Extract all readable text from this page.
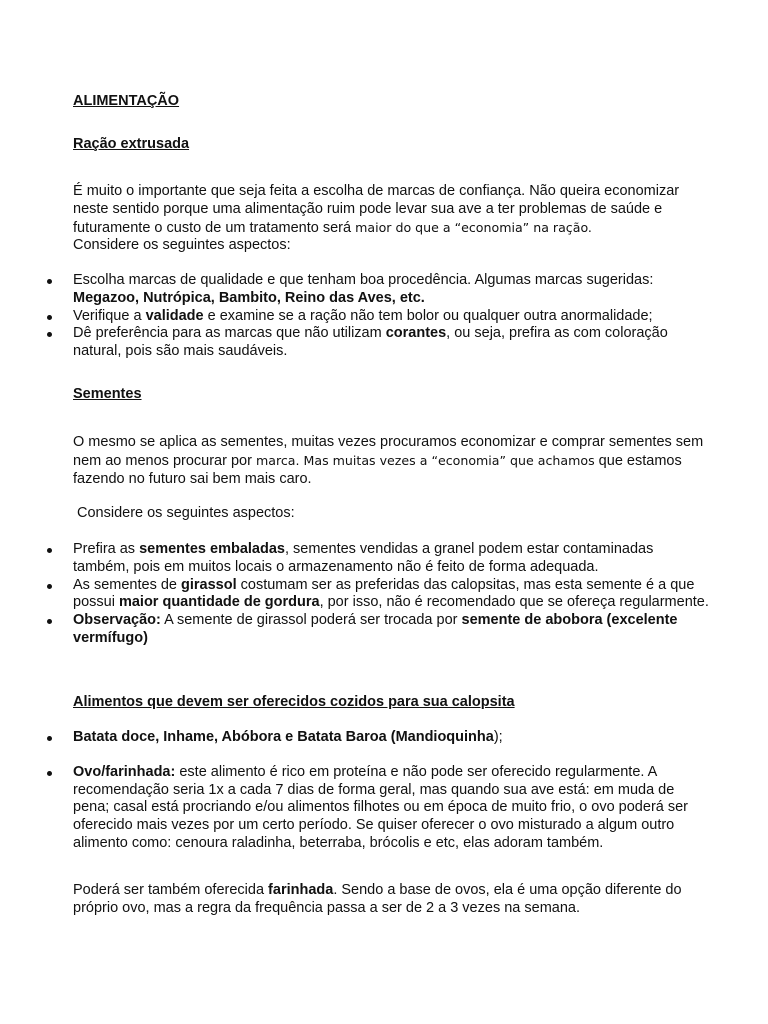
ALIMENTAÇÃO

Ração extrusada

É muito o importante que seja feita a escolha de marcas de confiança. Não queira economizar neste sentido porque uma alimentação ruim pode levar sua ave a ter problemas de saúde e futuramente o custo de um tratamento será maior do que a “economia” na ração.
Considere os seguintes aspectos:

Escolha marcas de qualidade e que tenham boa procedência. Algumas marcas sugeridas:
Megazoo, Nutrópica, Bambito, Reino das Aves, etc.
Verifique a validade e examine se a ração não tem bolor ou qualquer outra anormalidade;
Dê preferência para as marcas que não utilizam corantes, ou seja, prefira as com coloração natural, pois são mais saudáveis.

Sementes

O mesmo se aplica as sementes, muitas vezes procuramos economizar e comprar sementes sem nem ao menos procurar por marca. Mas muitas vezes a “economia” que achamos que estamos fazendo no futuro sai bem mais caro.

Considere os seguintes aspectos:

Prefira as sementes embaladas, sementes vendidas a granel podem estar contaminadas também, pois em muitos locais o armazenamento não é feito de forma adequada.
As sementes de girassol costumam ser as preferidas das calopsitas, mas esta semente é a que possui maior quantidade de gordura, por isso, não é recomendado que se ofereça regularmente.
Observação: A semente de girassol poderá ser trocada por semente de abobora (excelente vermífugo)

Alimentos que devem ser oferecidos cozidos para sua calopsita

Batata doce, Inhame, Abóbora e Batata Baroa (Mandioquinha);
Ovo/farinhada: este alimento é rico em proteína e não pode ser oferecido regularmente. A recomendação seria 1x a cada 7 dias de forma geral, mas quando sua ave está: em muda de pena; casal está procriando e/ou alimentos filhotes ou em época de muito frio, o ovo poderá ser oferecido mais vezes por um certo período. Se quiser oferecer o ovo misturado a algum outro alimento como: cenoura raladinha, beterraba, brócolis e etc, elas adoram também.

Poderá ser também oferecida farinhada. Sendo a base de ovos, ela é uma opção diferente do próprio ovo, mas a regra da frequência passa a ser de 2 a 3 vezes na semana.
